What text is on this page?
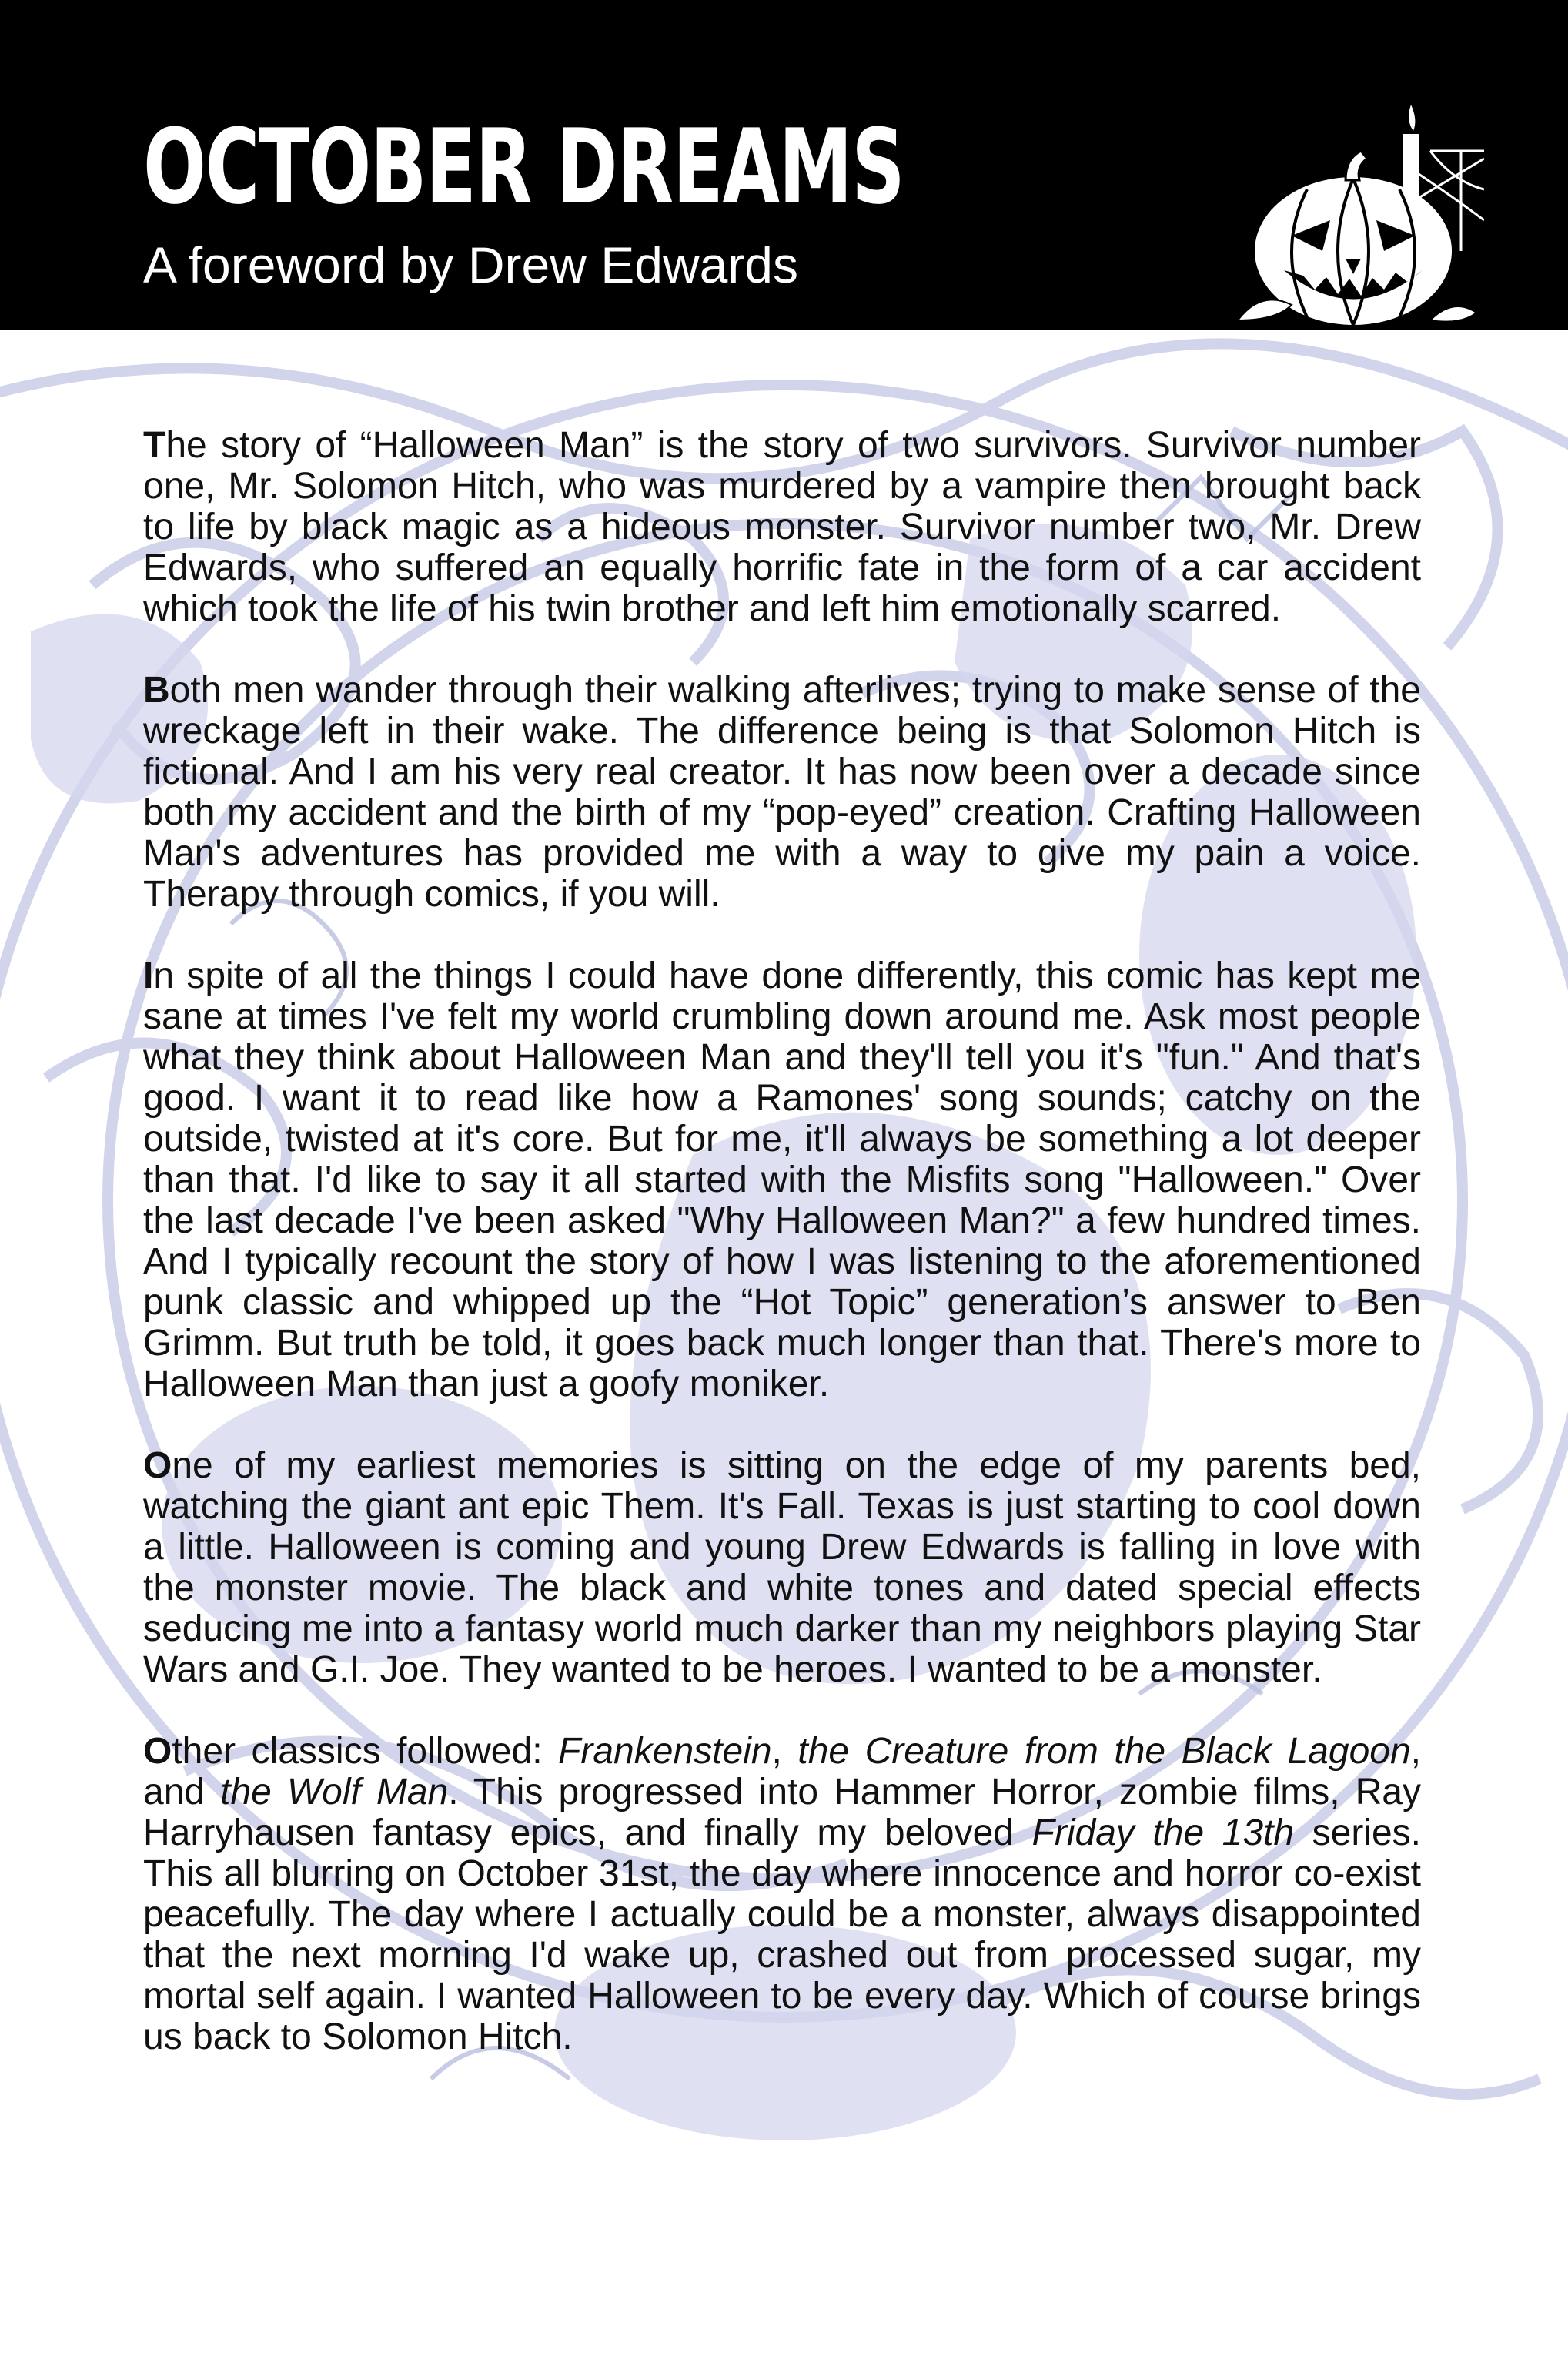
OCTOBER DREAMS
A foreword by Drew Edwards

The story of “Halloween Man” is the story of two survivors. Survivor number one, Mr. Solomon Hitch, who was murdered by a vampire then brought back to life by black magic as a hideous monster. Survivor number two, Mr. Drew Edwards, who suffered an equally horrific fate in the form of a car accident which took the life of his twin brother and left him emotionally scarred.

Both men wander through their walking afterlives; trying to make sense of the wreckage left in their wake. The difference being is that Solomon Hitch is fictional. And I am his very real creator. It has now been over a decade since both my accident and the birth of my “pop-eyed” creation. Crafting Halloween Man's adventures has provided me with a way to give my pain a voice. Therapy through comics, if you will.

In spite of all the things I could have done differently, this comic has kept me sane at times I've felt my world crumbling down around me. Ask most people what they think about Halloween Man and they'll tell you it's "fun." And that's good. I want it to read like how a Ramones' song sounds; catchy on the outside, twisted at it's core. But for me, it'll always be something a lot deeper than that. I'd like to say it all started with the Misfits song "Halloween." Over the last decade I've been asked "Why Halloween Man?" a few hundred times. And I typically recount the story of how I was listening to the aforementioned punk classic and whipped up the “Hot Topic” generation’s answer to Ben Grimm. But truth be told, it goes back much longer than that. There's more to Halloween Man than just a goofy moniker.

One of my earliest memories is sitting on the edge of my parents bed, watching the giant ant epic Them. It's Fall. Texas is just starting to cool down a little. Halloween is coming and young Drew Edwards is falling in love with the monster movie. The black and white tones and dated special effects seducing me into a fantasy world much darker than my neighbors playing Star Wars and G.I. Joe. They wanted to be heroes. I wanted to be a monster.

Other classics followed: Frankenstein, the Creature from the Black Lagoon, and the Wolf Man. This progressed into Hammer Horror, zombie films, Ray Harryhausen fantasy epics, and finally my beloved Friday the 13th series. This all blurring on October 31st, the day where innocence and horror co-exist peacefully. The day where I actually could be a monster, always disappointed that the next morning I'd wake up, crashed out from processed sugar, my mortal self again. I wanted Halloween to be every day. Which of course brings us back to Solomon Hitch.
